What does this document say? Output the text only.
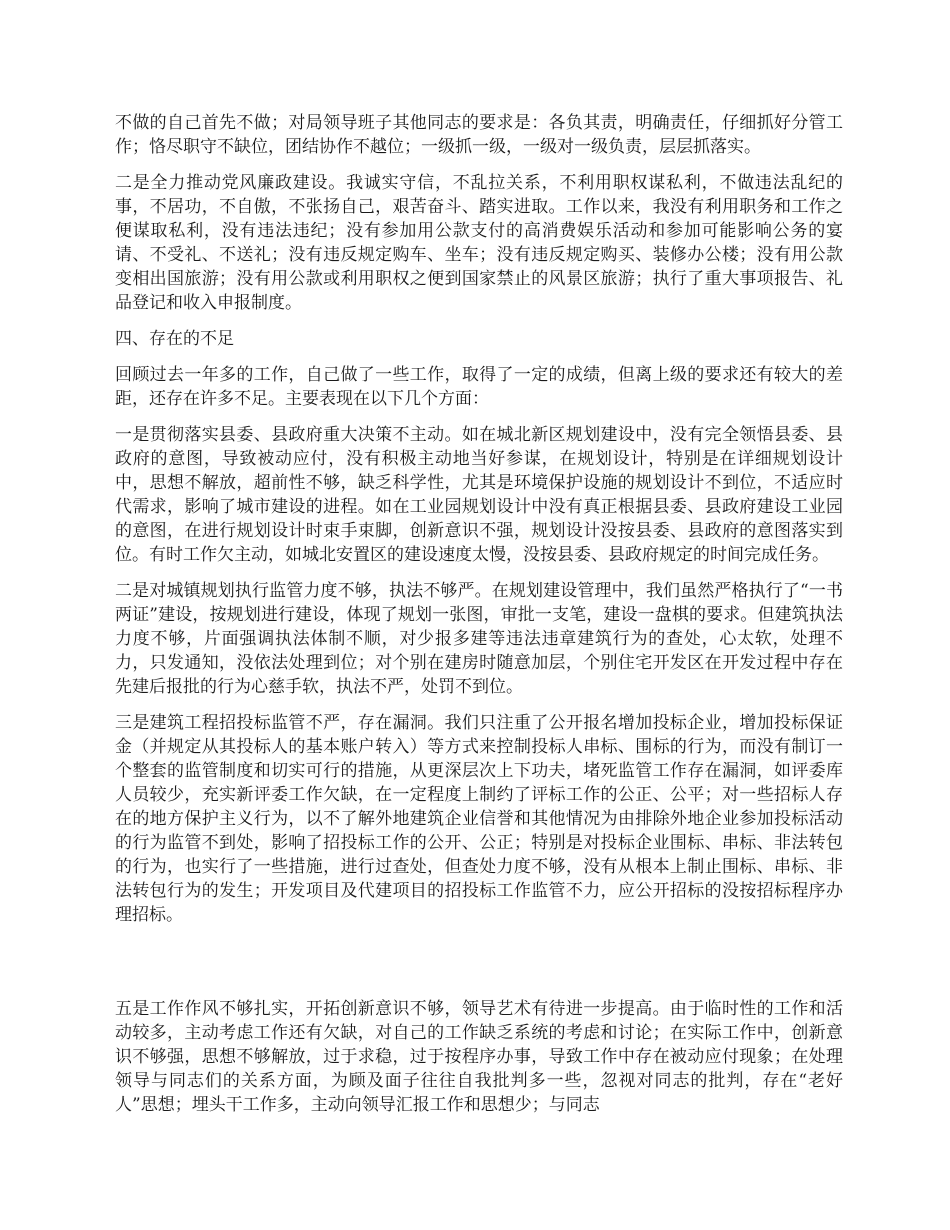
不做的自己首先不做；对局领导班子其他同志的要求是：各负其责，明确责任，仔细抓好分管工作；恪尽职守不缺位，团结协作不越位；一级抓一级，一级对一级负责，层层抓落实。

二是全力推动党风廉政建设。我诚实守信，不乱拉关系，不利用职权谋私利，不做违法乱纪的事，不居功，不自傲，不张扬自己，艰苦奋斗、踏实进取。工作以来，我没有利用职务和工作之便谋取私利，没有违法违纪；没有参加用公款支付的高消费娱乐活动和参加可能影响公务的宴请、不受礼、不送礼；没有违反规定购车、坐车；没有违反规定购买、装修办公楼；没有用公款变相出国旅游；没有用公款或利用职权之便到国家禁止的风景区旅游；执行了重大事项报告、礼品登记和收入申报制度。

四、存在的不足

回顾过去一年多的工作，自己做了一些工作，取得了一定的成绩，但离上级的要求还有较大的差距，还存在许多不足。主要表现在以下几个方面：

一是贯彻落实县委、县政府重大决策不主动。如在城北新区规划建设中，没有完全领悟县委、县政府的意图，导致被动应付，没有积极主动地当好参谋，在规划设计，特别是在详细规划设计中，思想不解放，超前性不够，缺乏科学性，尤其是环境保护设施的规划设计不到位，不适应时代需求，影响了城市建设的进程。如在工业园规划设计中没有真正根据县委、县政府建设工业园的意图，在进行规划设计时束手束脚，创新意识不强，规划设计没按县委、县政府的意图落实到位。有时工作欠主动，如城北安置区的建设速度太慢，没按县委、县政府规定的时间完成任务。

二是对城镇规划执行监管力度不够，执法不够严。在规划建设管理中，我们虽然严格执行了“一书两证”建设，按规划进行建设，体现了规划一张图，审批一支笔，建设一盘棋的要求。但建筑执法力度不够，片面强调执法体制不顺，对少报多建等违法违章建筑行为的查处，心太软，处理不力，只发通知，没依法处理到位；对个别在建房时随意加层，个别住宅开发区在开发过程中存在先建后报批的行为心慈手软，执法不严，处罚不到位。

三是建筑工程招投标监管不严，存在漏洞。我们只注重了公开报名增加投标企业，增加投标保证金（并规定从其投标人的基本账户转入）等方式来控制投标人串标、围标的行为，而没有制订一个整套的监管制度和切实可行的措施，从更深层次上下功夫，堵死监管工作存在漏洞，如评委库人员较少，充实新评委工作欠缺，在一定程度上制约了评标工作的公正、公平；对一些招标人存在的地方保护主义行为，以不了解外地建筑企业信誉和其他情况为由排除外地企业参加投标活动的行为监管不到处，影响了招投标工作的公开、公正；特别是对投标企业围标、串标、非法转包的行为，也实行了一些措施，进行过查处，但查处力度不够，没有从根本上制止围标、串标、非法转包行为的发生；开发项目及代建项目的招投标工作监管不力，应公开招标的没按招标程序办理招标。

五是工作作风不够扎实，开拓创新意识不够，领导艺术有待进一步提高。由于临时性的工作和活动较多，主动考虑工作还有欠缺，对自己的工作缺乏系统的考虑和讨论；在实际工作中，创新意识不够强，思想不够解放，过于求稳，过于按程序办事，导致工作中存在被动应付现象；在处理领导与同志们的关系方面，为顾及面子往往自我批判多一些，忽视对同志的批判，存在“老好人”思想；埋头干工作多，主动向领导汇报工作和思想少；与同志
